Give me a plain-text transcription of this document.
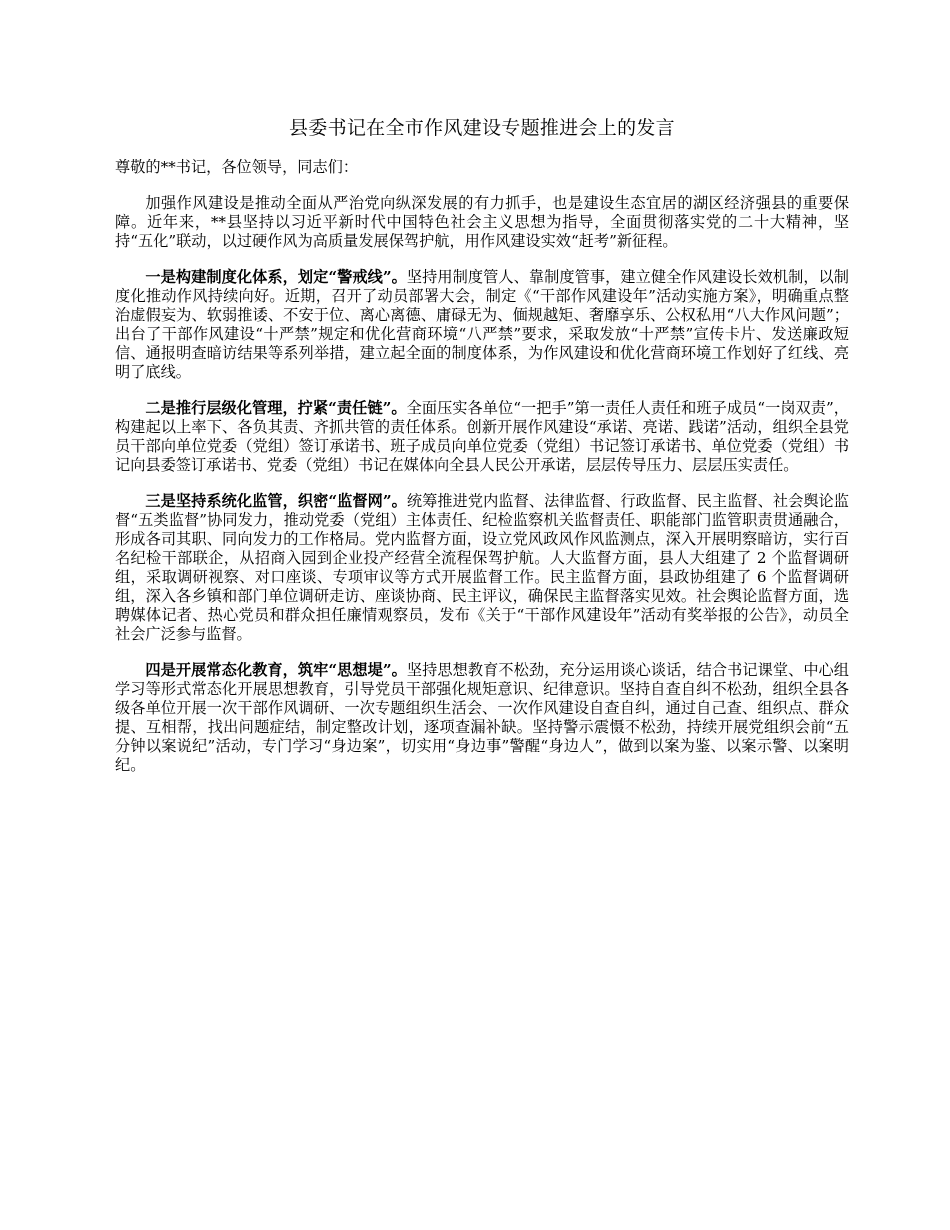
县委书记在全市作风建设专题推进会上的发言

尊敬的**书记，各位领导，同志们：

加强作风建设是推动全面从严治党向纵深发展的有力抓手，也是建设生态宜居的湖区经济强县的重要保障。近年来，**县坚持以习近平新时代中国特色社会主义思想为指导，全面贯彻落实党的二十大精神，坚持“五化”联动，以过硬作风为高质量发展保驾护航，用作风建设实效“赶考”新征程。

一是构建制度化体系，划定“警戒线”。坚持用制度管人、靠制度管事，建立健全作风建设长效机制，以制度化推动作风持续向好。近期，召开了动员部署大会，制定《“干部作风建设年”活动实施方案》，明确重点整治虚假妄为、软弱推诿、不安于位、离心离德、庸碌无为、偭规越矩、奢靡享乐、公权私用“八大作风问题”；出台了干部作风建设“十严禁”规定和优化营商环境“八严禁”要求，采取发放“十严禁”宣传卡片、发送廉政短信、通报明查暗访结果等系列举措，建立起全面的制度体系，为作风建设和优化营商环境工作划好了红线、亮明了底线。

二是推行层级化管理，拧紧“责任链”。全面压实各单位“一把手”第一责任人责任和班子成员“一岗双责”，构建起以上率下、各负其责、齐抓共管的责任体系。创新开展作风建设“承诺、亮诺、践诺”活动，组织全县党员干部向单位党委（党组）签订承诺书、班子成员向单位党委（党组）书记签订承诺书、单位党委（党组）书记向县委签订承诺书、党委（党组）书记在媒体向全县人民公开承诺，层层传导压力、层层压实责任。

三是坚持系统化监管，织密“监督网”。统筹推进党内监督、法律监督、行政监督、民主监督、社会舆论监督“五类监督”协同发力，推动党委（党组）主体责任、纪检监察机关监督责任、职能部门监管职责贯通融合，形成各司其职、同向发力的工作格局。党内监督方面，设立党风政风作风监测点，深入开展明察暗访，实行百名纪检干部联企，从招商入园到企业投产经营全流程保驾护航。人大监督方面，县人大组建了 2 个监督调研组，采取调研视察、对口座谈、专项审议等方式开展监督工作。民主监督方面，县政协组建了 6 个监督调研组，深入各乡镇和部门单位调研走访、座谈协商、民主评议，确保民主监督落实见效。社会舆论监督方面，选聘媒体记者、热心党员和群众担任廉情观察员，发布《关于“干部作风建设年”活动有奖举报的公告》，动员全社会广泛参与监督。

四是开展常态化教育，筑牢“思想堤”。坚持思想教育不松劲，充分运用谈心谈话，结合书记课堂、中心组学习等形式常态化开展思想教育，引导党员干部强化规矩意识、纪律意识。坚持自查自纠不松劲，组织全县各级各单位开展一次干部作风调研、一次专题组织生活会、一次作风建设自查自纠，通过自己查、组织点、群众提、互相帮，找出问题症结，制定整改计划，逐项查漏补缺。坚持警示震慑不松劲，持续开展党组织会前“五分钟以案说纪”活动，专门学习“身边案”，切实用“身边事”警醒“身边人”，做到以案为鉴、以案示警、以案明纪。
